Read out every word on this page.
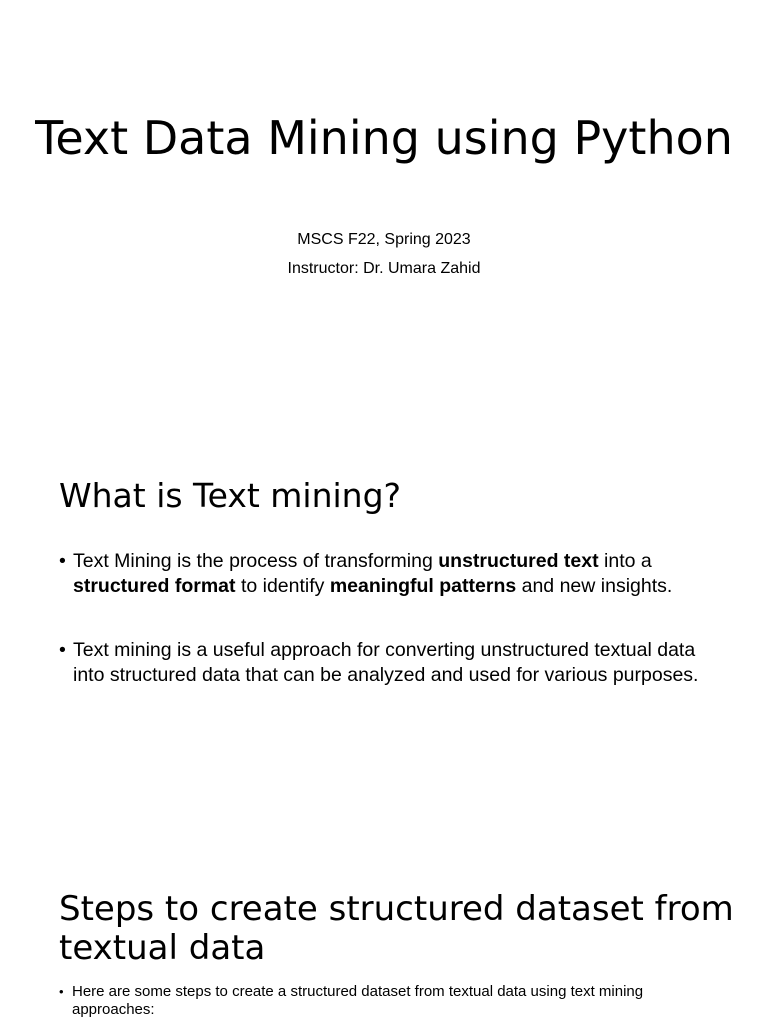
Text Data Mining using Python

MSCS F22, Spring 2023

Instructor: Dr. Umara Zahid

What is Text mining?
• Text Mining is the process of transforming unstructured text into a structured format to identify meaningful patterns and new insights.
• Text mining is a useful approach for converting unstructured textual data into structured data that can be analyzed and used for various purposes.
Steps to create structured dataset from textual data
• Here are some steps to create a structured dataset from textual data using text mining approaches:
